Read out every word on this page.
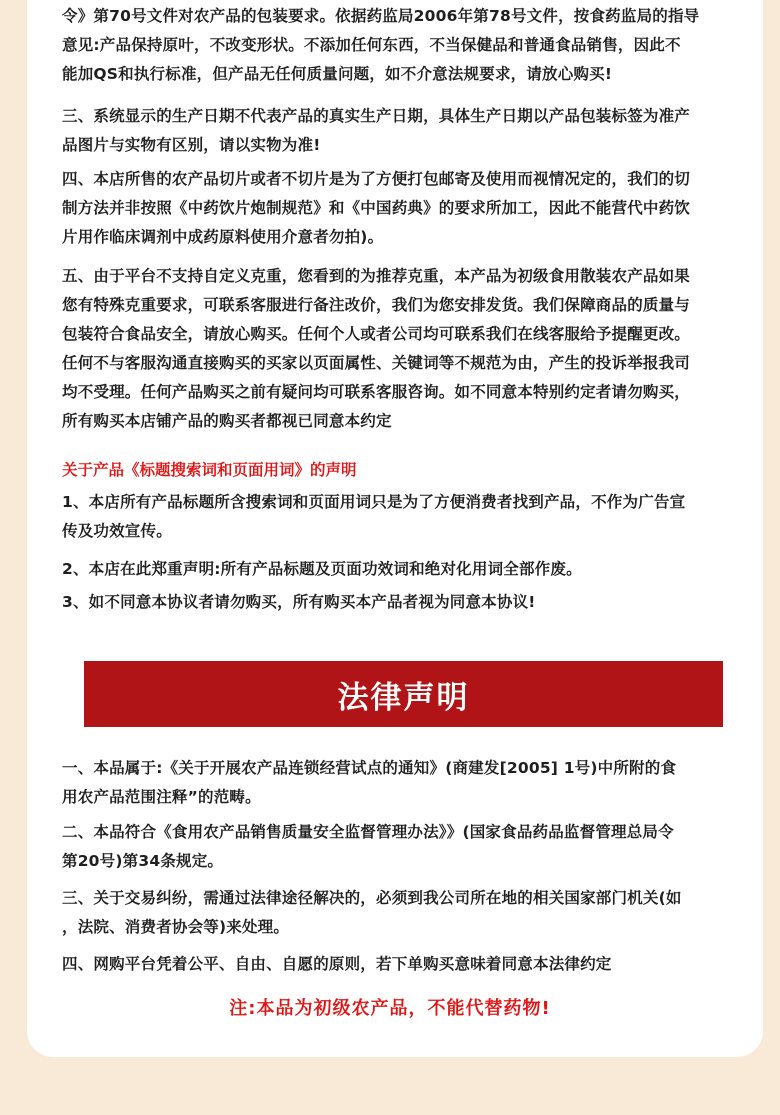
令》第70号文件对农产品的包装要求。依据药监局2006年第78号文件，按食药监局的指导
意见:产品保持原叶，不改变形状。不添加任何东西，不当保健品和普通食品销售，因此不
能加QS和执行标准，但产品无任何质量问题，如不介意法规要求，请放心购买!

三、系统显示的生产日期不代表产品的真实生产日期，具体生产日期以产品包装标签为准产
品图片与实物有区别，请以实物为准!

四、本店所售的农产品切片或者不切片是为了方便打包邮寄及使用而视情况定的，我们的切
制方法并非按照《中药饮片炮制规范》和《中国药典》的要求所加工，因此不能营代中药饮
片用作临床调剂中成药原料使用介意者勿拍)。

五、由于平台不支持自定义克重，您看到的为推荐克重，本产品为初级食用散装农产品如果
您有特殊克重要求，可联系客服进行备注改价，我们为您安排发货。我们保障商品的质量与
包装符合食品安全，请放心购买。任何个人或者公司均可联系我们在线客服给予提醒更改。
任何不与客服沟通直接购买的买家以页面属性、关键词等不规范为由，产生的投诉举报我司
均不受理。任何产品购买之前有疑问均可联系客服咨询。如不同意本特别约定者请勿购买，
所有购买本店铺产品的购买者都视已同意本约定

关于产品《标题搜索词和页面用词》的声明

1、本店所有产品标题所含搜索词和页面用词只是为了方便消费者找到产品，不作为广告宣
传及功效宣传。

2、本店在此郑重声明:所有产品标题及页面功效词和绝对化用词全部作废。

3、如不同意本协议者请勿购买，所有购买本产品者视为同意本协议!

法律声明

一、本品属于:《关于开展农产品连锁经营试点的通知》(商建发[2005] 1号)中所附的食
用农产品范围注释”的范畴。

二、本品符合《食用农产品销售质量安全监督管理办法》》(国家食品药品监督管理总局令
第20号)第34条规定。

三、关于交易纠纷，需通过法律途径解决的，必须到我公司所在地的相关国家部门机关(如
，法院、消费者协会等)来处理。

四、网购平台凭着公平、自由、自愿的原则，若下单购买意味着同意本法律约定

注:本品为初级农产品，不能代替药物!
